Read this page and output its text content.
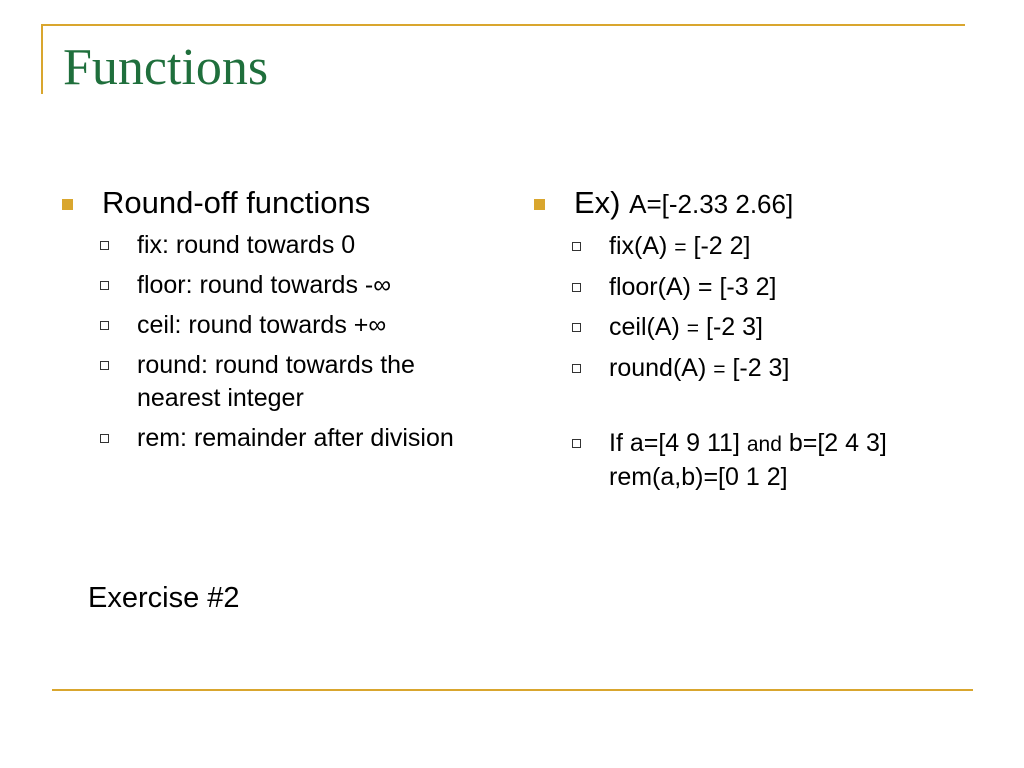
Functions
Round-off functions
fix: round towards 0
floor: round towards -∞
ceil: round towards +∞
round: round towards the nearest integer
rem: remainder after division
Ex) A=[-2.33 2.66]
fix(A) = [-2 2]
floor(A) = [-3 2]
ceil(A) = [-2 3]
round(A) = [-2 3]
If a=[4 9 11] and b=[2 4 3]
rem(a,b)=[0 1 2]
Exercise #2
